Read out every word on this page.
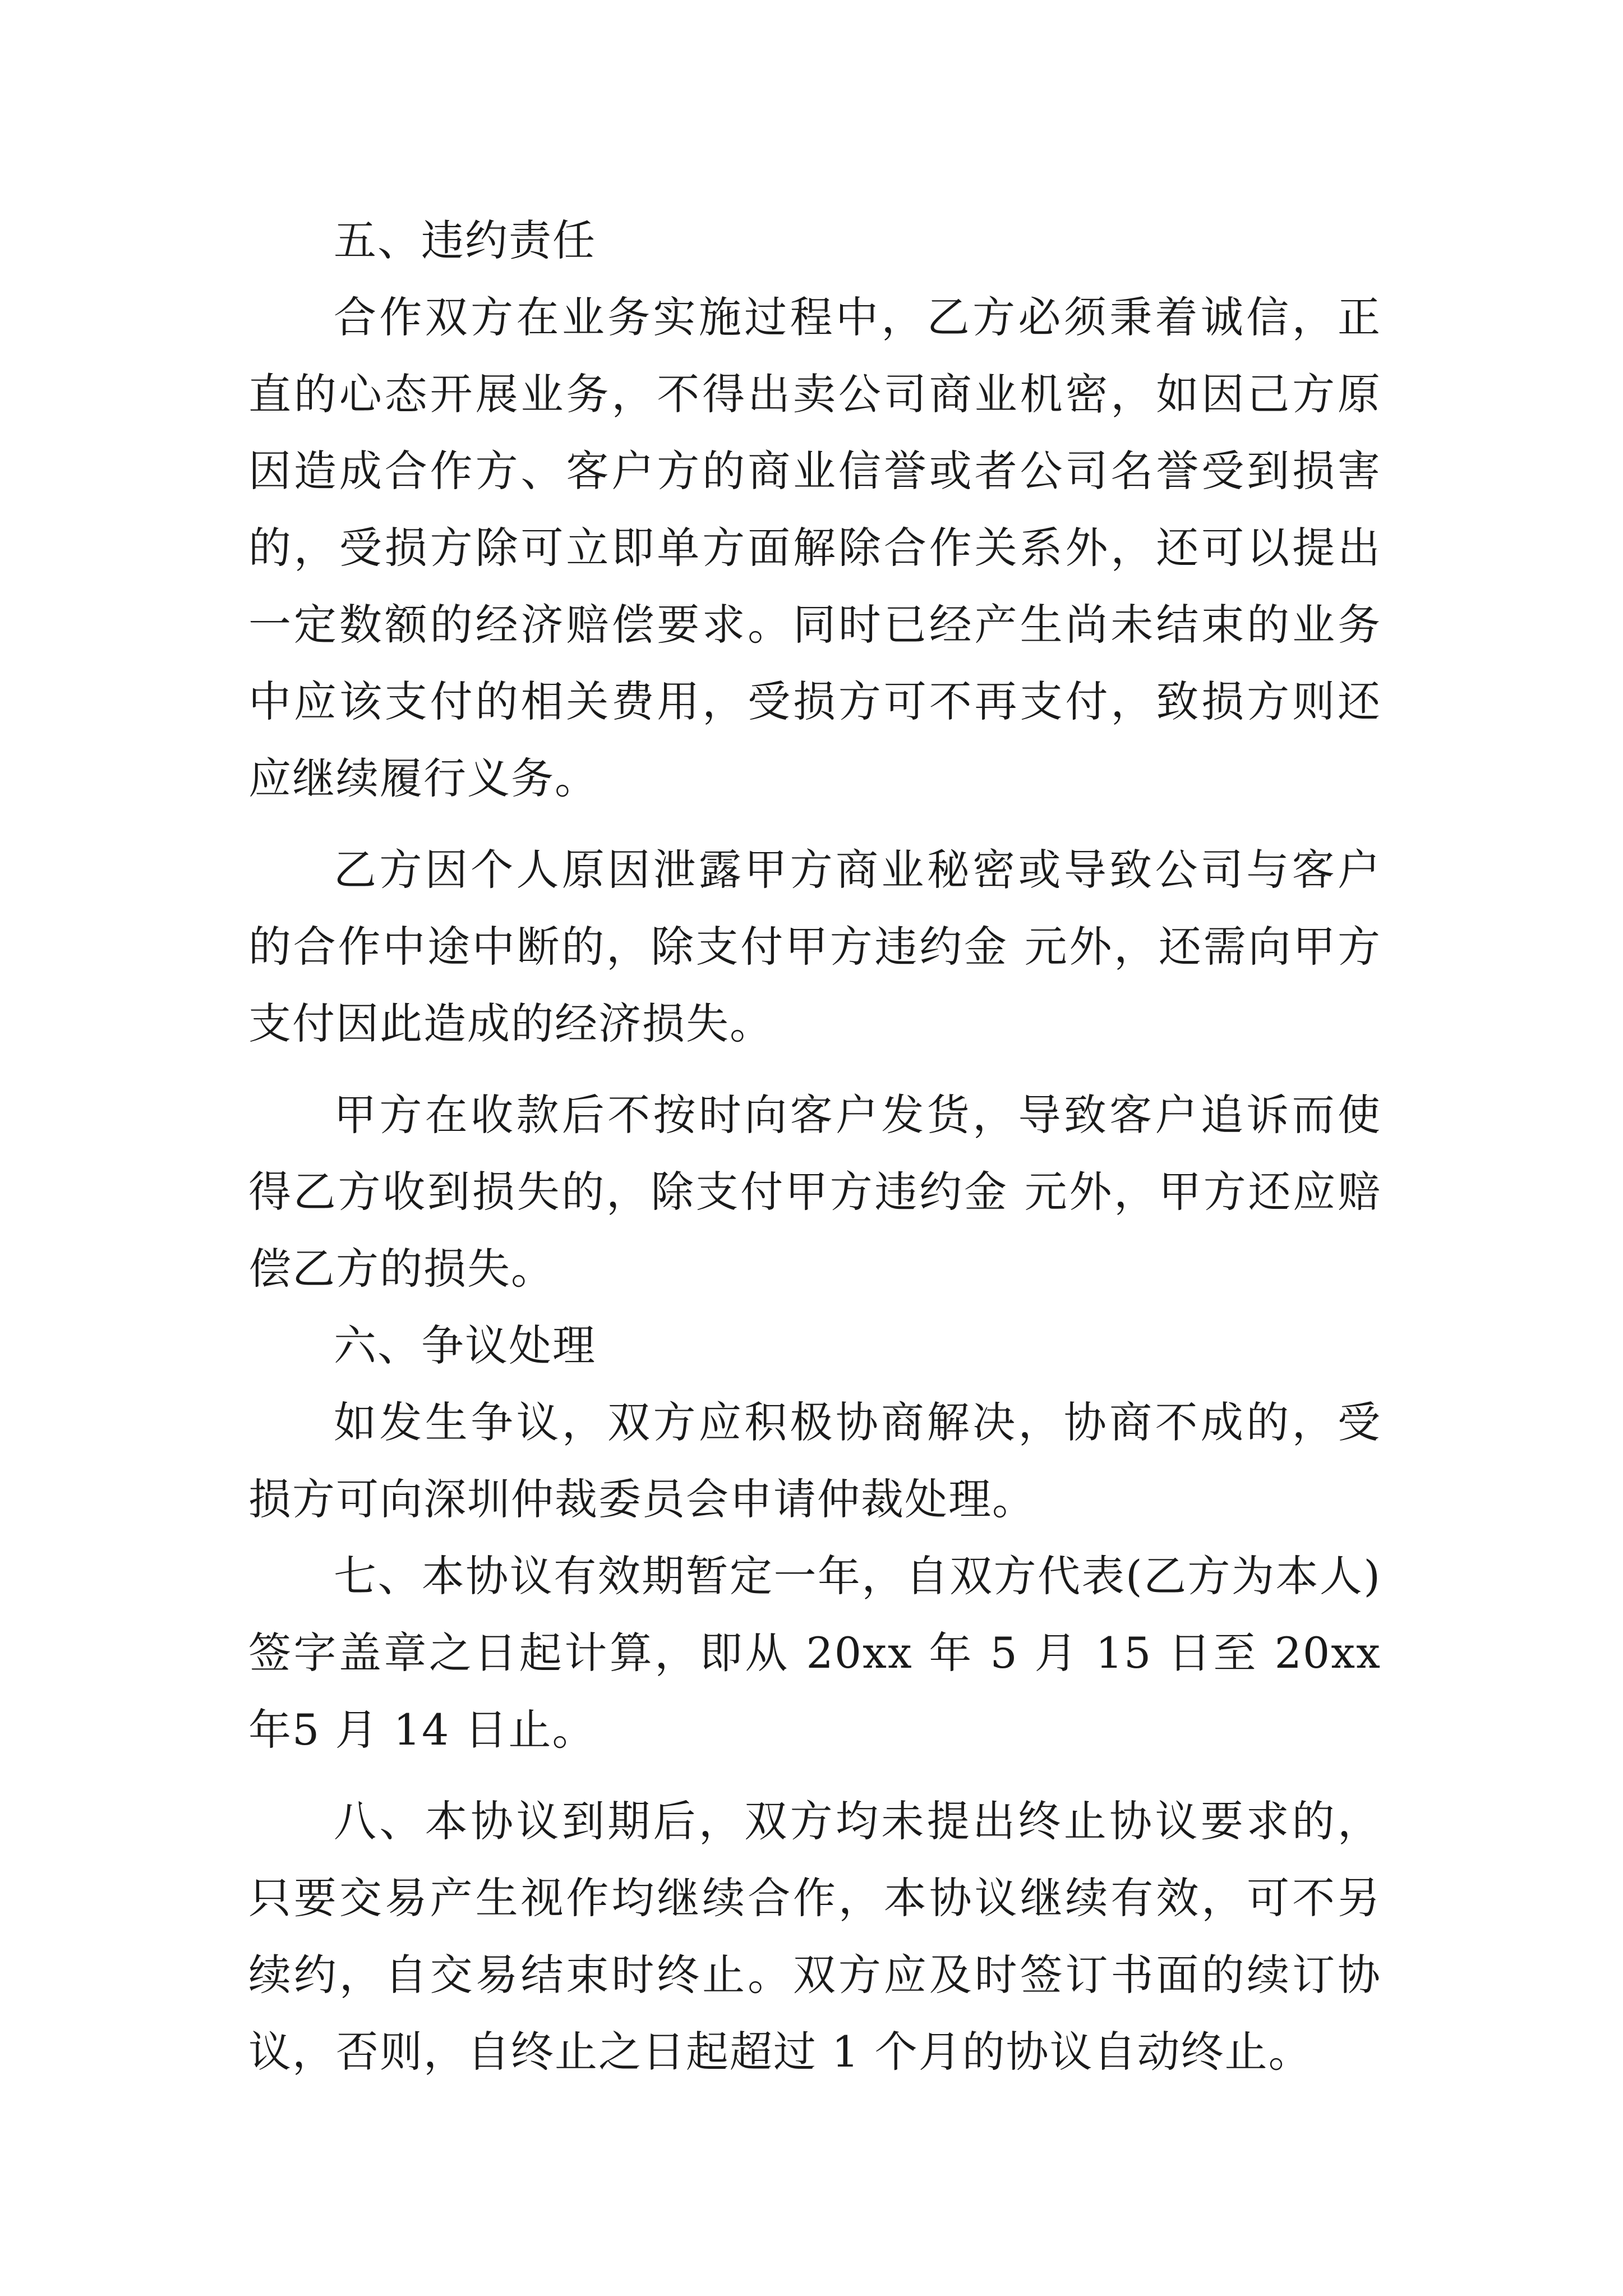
五、违约责任

合作双方在业务实施过程中，乙方必须秉着诚信，正直的心态开展业务，不得出卖公司商业机密，如因己方原因造成合作方、客户方的商业信誉或者公司名誉受到损害的，受损方除可立即单方面解除合作关系外，还可以提出一定数额的经济赔偿要求。同时已经产生尚未结束的业务中应该支付的相关费用，受损方可不再支付，致损方则还应继续履行义务。

乙方因个人原因泄露甲方商业秘密或导致公司与客户的合作中途中断的，除支付甲方违约金 元外，还需向甲方支付因此造成的经济损失。

甲方在收款后不按时向客户发货，导致客户追诉而使得乙方收到损失的，除支付甲方违约金 元外，甲方还应赔偿乙方的损失。

六、争议处理

如发生争议，双方应积极协商解决，协商不成的，受损方可向深圳仲裁委员会申请仲裁处理。

七、本协议有效期暂定一年，自双方代表(乙方为本人)签字盖章之日起计算，即从 20xx 年 5 月 15 日至 20xx 年5 月 14 日止。

八、本协议到期后，双方均未提出终止协议要求的，只要交易产生视作均继续合作，本协议继续有效，可不另续约，自交易结束时终止。双方应及时签订书面的续订协议，否则，自终止之日起超过 1 个月的协议自动终止。
